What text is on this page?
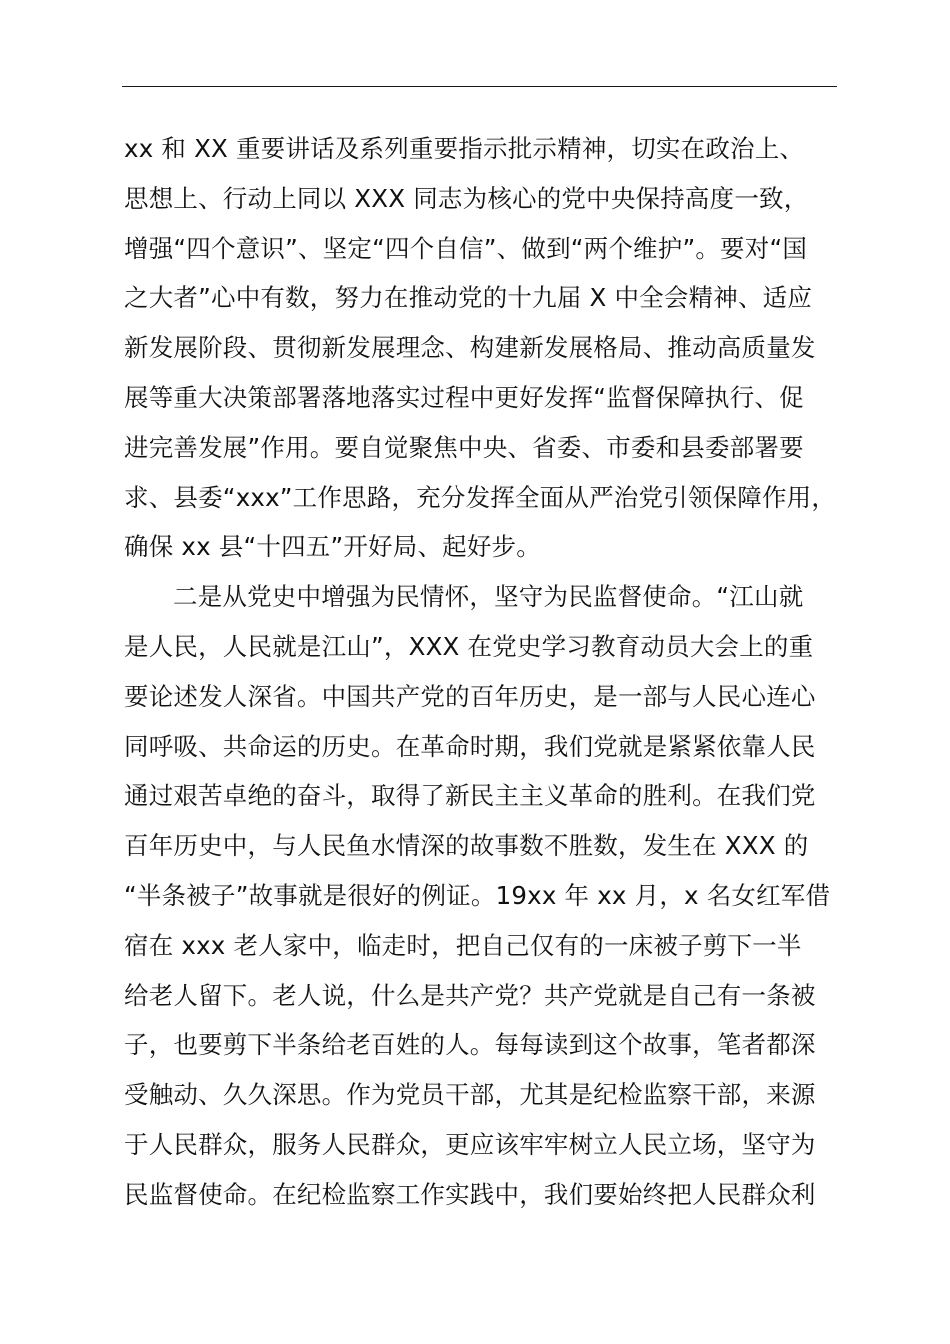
xx 和 XX 重要讲话及系列重要指示批示精神，切实在政治上、
思想上、行动上同以 XXX 同志为核心的党中央保持高度一致，
增强“四个意识”、坚定“四个自信”、做到“两个维护”。要对“国
之大者”心中有数，努力在推动党的十九届 X 中全会精神、适应
新发展阶段、贯彻新发展理念、构建新发展格局、推动高质量发
展等重大决策部署落地落实过程中更好发挥“监督保障执行、促
进完善发展”作用。要自觉聚焦中央、省委、市委和县委部署要
求、县委“xxx”工作思路，充分发挥全面从严治党引领保障作用，
确保 xx 县“十四五”开好局、起好步。
二是从党史中增强为民情怀，坚守为民监督使命。“江山就
是人民，人民就是江山”，XXX 在党史学习教育动员大会上的重
要论述发人深省。中国共产党的百年历史，是一部与人民心连心
同呼吸、共命运的历史。在革命时期，我们党就是紧紧依靠人民
通过艰苦卓绝的奋斗，取得了新民主主义革命的胜利。在我们党
百年历史中，与人民鱼水情深的故事数不胜数，发生在 XXX 的
“半条被子”故事就是很好的例证。19xx 年 xx 月，x 名女红军借
宿在 xxx 老人家中，临走时，把自己仅有的一床被子剪下一半
给老人留下。老人说，什么是共产党？共产党就是自己有一条被
子，也要剪下半条给老百姓的人。每每读到这个故事，笔者都深
受触动、久久深思。作为党员干部，尤其是纪检监察干部，来源
于人民群众，服务人民群众，更应该牢牢树立人民立场，坚守为
民监督使命。在纪检监察工作实践中，我们要始终把人民群众利
